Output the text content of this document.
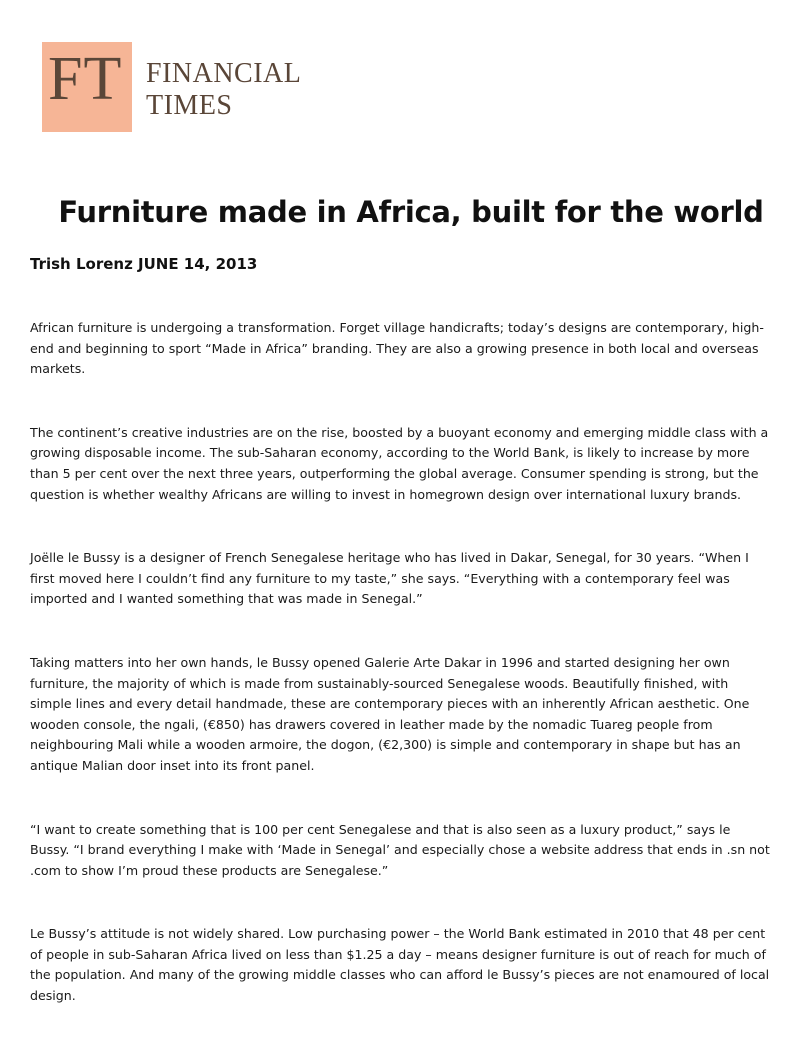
FT FINANCIAL
TIMES
Furniture made in Africa, built for the world
Trish Lorenz JUNE 14, 2013

African furniture is undergoing a transformation. Forget village handicrafts; today’s designs are contemporary, high-end and beginning to sport “Made in Africa” branding. They are also a growing presence in both local and overseas markets.

The continent’s creative industries are on the rise, boosted by a buoyant economy and emerging middle class with a growing disposable income. The sub-Saharan economy, according to the World Bank, is likely to increase by more than 5 per cent over the next three years, outperforming the global average. Consumer spending is strong, but the question is whether wealthy Africans are willing to invest in homegrown design over international luxury brands.

Joëlle le Bussy is a designer of French Senegalese heritage who has lived in Dakar, Senegal, for 30 years. “When I first moved here I couldn’t find any furniture to my taste,” she says. “Everything with a contemporary feel was imported and I wanted something that was made in Senegal.”

Taking matters into her own hands, le Bussy opened Galerie Arte Dakar in 1996 and started designing her own furniture, the majority of which is made from sustainably-sourced Senegalese woods. Beautifully finished, with simple lines and every detail handmade, these are contemporary pieces with an inherently African aesthetic. One wooden console, the ngali, (€850) has drawers covered in leather made by the nomadic Tuareg people from neighbouring Mali while a wooden armoire, the dogon, (€2,300) is simple and contemporary in shape but has an antique Malian door inset into its front panel.

“I want to create something that is 100 per cent Senegalese and that is also seen as a luxury product,” says le Bussy. “I brand everything I make with ‘Made in Senegal’ and especially chose a website address that ends in .sn not .com to show I’m proud these products are Senegalese.”

Le Bussy’s attitude is not widely shared. Low purchasing power – the World Bank estimated in 2010 that 48 per cent of people in sub-Saharan Africa lived on less than $1.25 a day – means designer furniture is out of reach for much of the population. And many of the growing middle classes who can afford le Bussy’s pieces are not enamoured of local design.
